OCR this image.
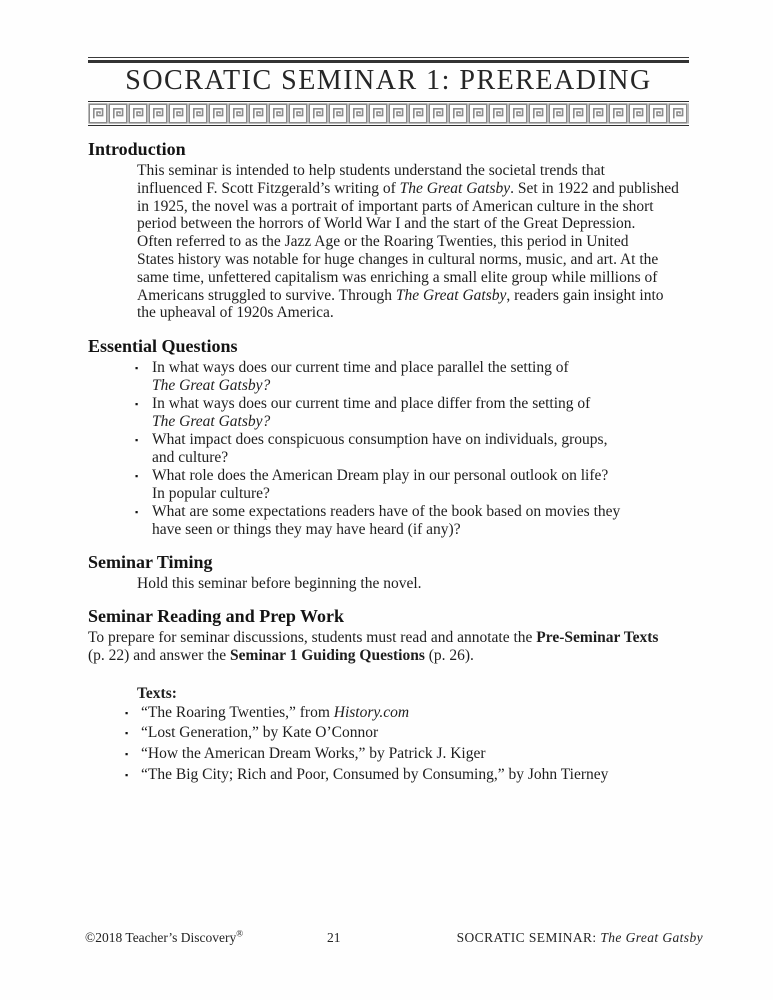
SOCRATIC SEMINAR 1: PREREADING
Introduction
This seminar is intended to help students understand the societal trends that
influenced F. Scott Fitzgerald’s writing of The Great Gatsby. Set in 1922 and published
in 1925, the novel was a portrait of important parts of American culture in the short
period between the horrors of World War I and the start of the Great Depression.
Often referred to as the Jazz Age or the Roaring Twenties, this period in United
States history was notable for huge changes in cultural norms, music, and art. At the
same time, unfettered capitalism was enriching a small elite group while millions of
Americans struggled to survive. Through The Great Gatsby, readers gain insight into
the upheaval of 1920s America.
Essential Questions
▪ In what ways does our current time and place parallel the setting of
The Great Gatsby?
▪ In what ways does our current time and place differ from the setting of
The Great Gatsby?
▪ What impact does conspicuous consumption have on individuals, groups,
and culture?
▪ What role does the American Dream play in our personal outlook on life?
In popular culture?
▪ What are some expectations readers have of the book based on movies they
have seen or things they may have heard (if any)?
Seminar Timing
Hold this seminar before beginning the novel.
Seminar Reading and Prep Work
To prepare for seminar discussions, students must read and annotate the Pre-Seminar Texts
(p. 22) and answer the Seminar 1 Guiding Questions (p. 26).
Texts:
▪ “The Roaring Twenties,” from History.com
▪ “Lost Generation,” by Kate O’Connor
▪ “How the American Dream Works,” by Patrick J. Kiger
▪ “The Big City; Rich and Poor, Consumed by Consuming,” by John Tierney
©2018 Teacher’s Discovery®	21	SOCRATIC SEMINAR: The Great Gatsby
